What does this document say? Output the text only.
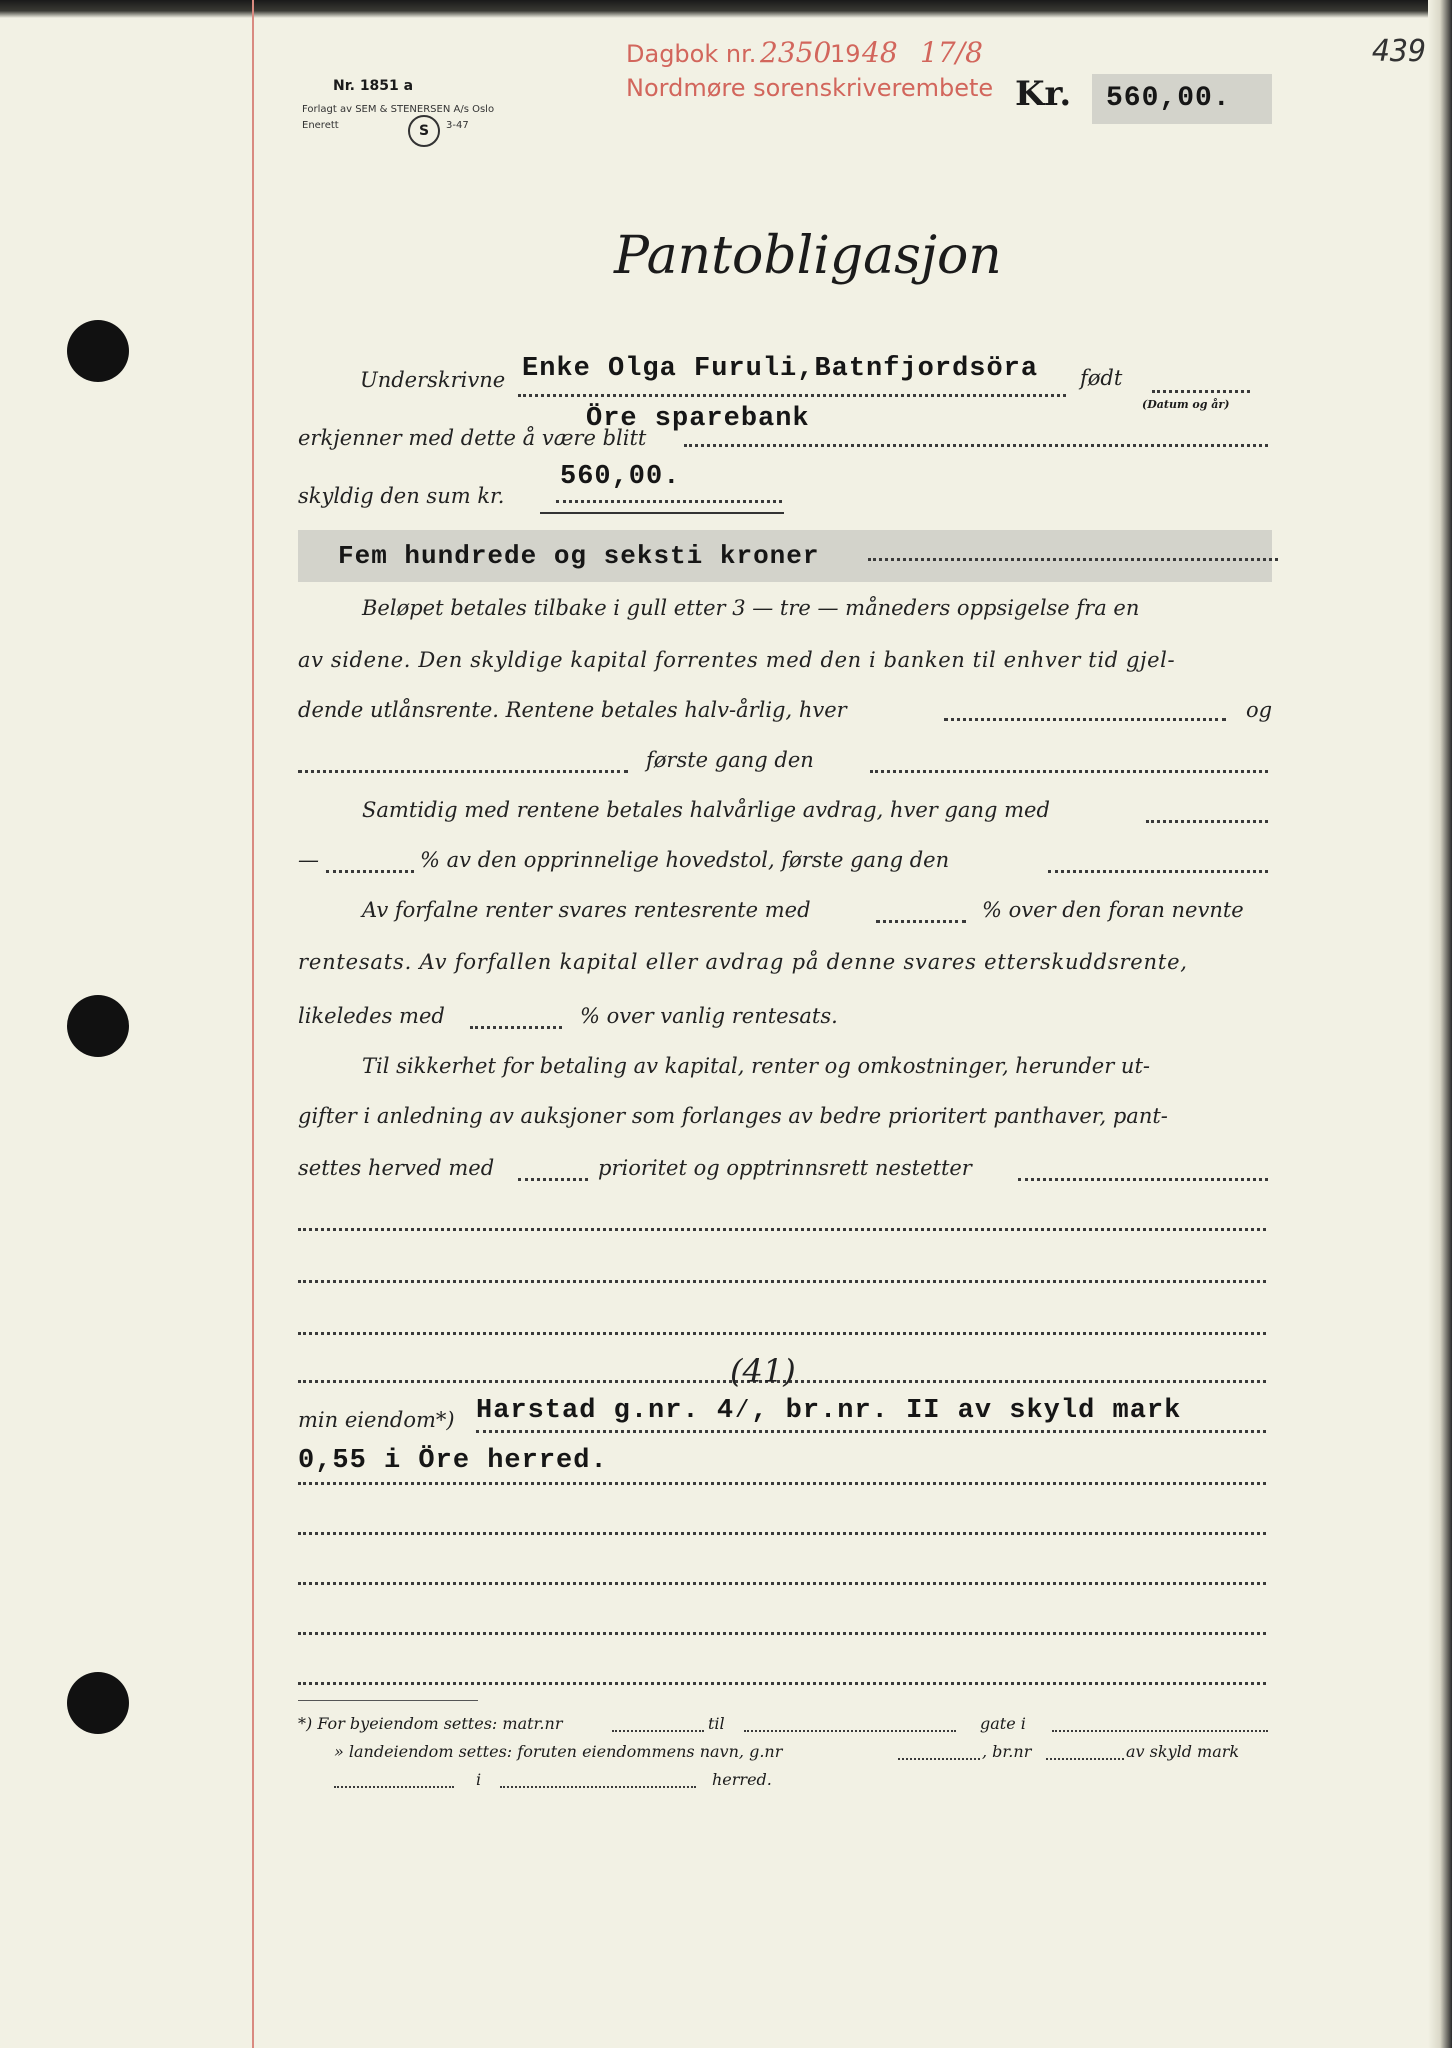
Nr. 1851 a
Forlagt av SEM & STENERSEN A/s Oslo
Enerett	S	3-47
Dagbok nr. 2350
19 48 17/8
Nordmøre sorenskriverembete Kr.	560,00.
439
Pantobligasjon
Underskrivne Enke Olga Furuli,Batnfjordsöra født
(Datum og år)
erkjenner med dette å være blitt
Öre sparebank
skyldig den sum kr.
560,00.
Fem hundrede og seksti kroner
Beløpet betales tilbake i gull etter 3 — tre — måneders oppsigelse fra en
av sidene. Den skyldige kapital forrentes med den i banken til enhver tid gjel-
dende utlånsrente. Rentene betales halv-årlig, hver	og
første gang den
Samtidig med rentene betales halvårlige avdrag, hver gang med
—	% av den opprinnelige hovedstol, første gang den
Av forfalne renter svares rentesrente med	% over den foran nevnte
rentesats. Av forfallen kapital eller avdrag på denne svares etterskuddsrente,
likeledes med	% over vanlig rentesats.
Til sikkerhet for betaling av kapital, renter og omkostninger, herunder ut-
gifter i anledning av auksjoner som forlanges av bedre prioritert panthaver, pant-
settes herved med	prioritet og opptrinnsrett nestetter
(41)
min eiendom*) Harstad g.nr. 4⁄, br.nr. II av skyld mark
0,55 i Öre herred.
*) For byeiendom settes: matr.nr	til	gate i
» landeiendom settes: foruten eiendommens navn, g.nr	, br.nr	av skyld mark
i	herred.
